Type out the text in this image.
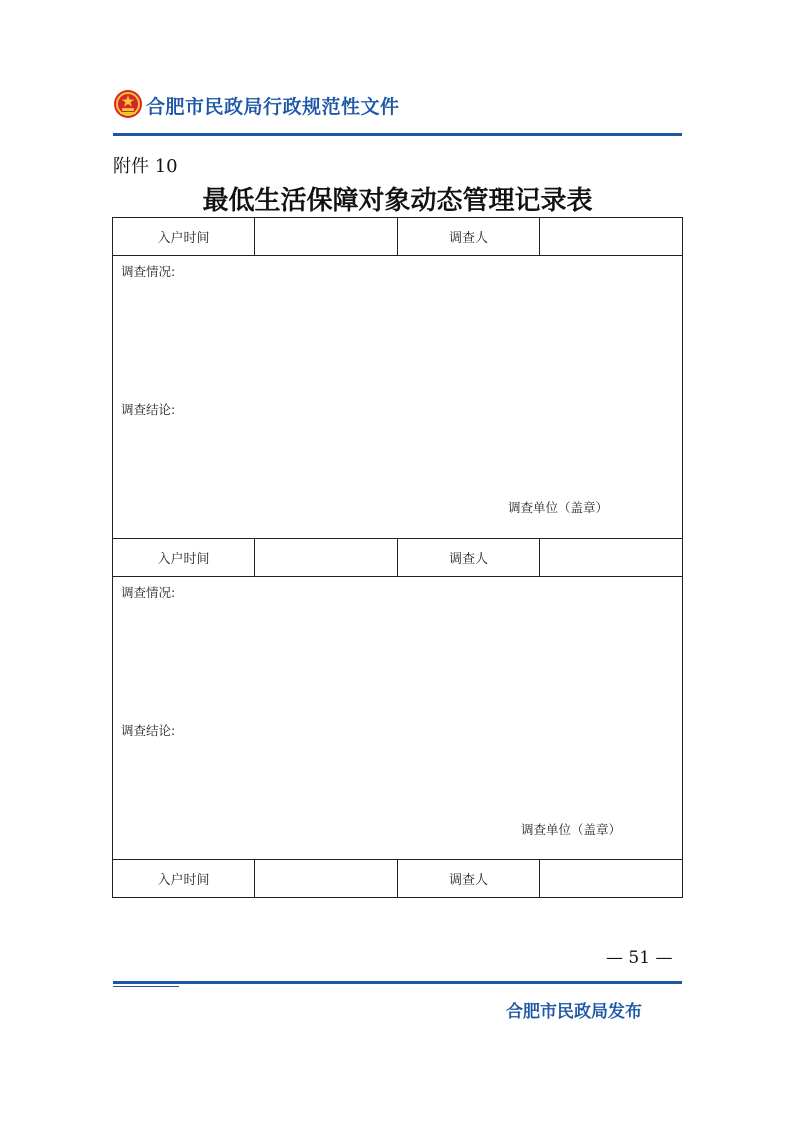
合肥市民政局行政规范性文件
附件 10
最低生活保障对象动态管理记录表
入户时间		调查人	

调查情况:
调查结论:
调查单位（盖章）			

入户时间		调查人	

调查情况:
调查结论:
调查单位（盖章）			

入户时间		调查人	
— 51 —
合肥市民政局发布
